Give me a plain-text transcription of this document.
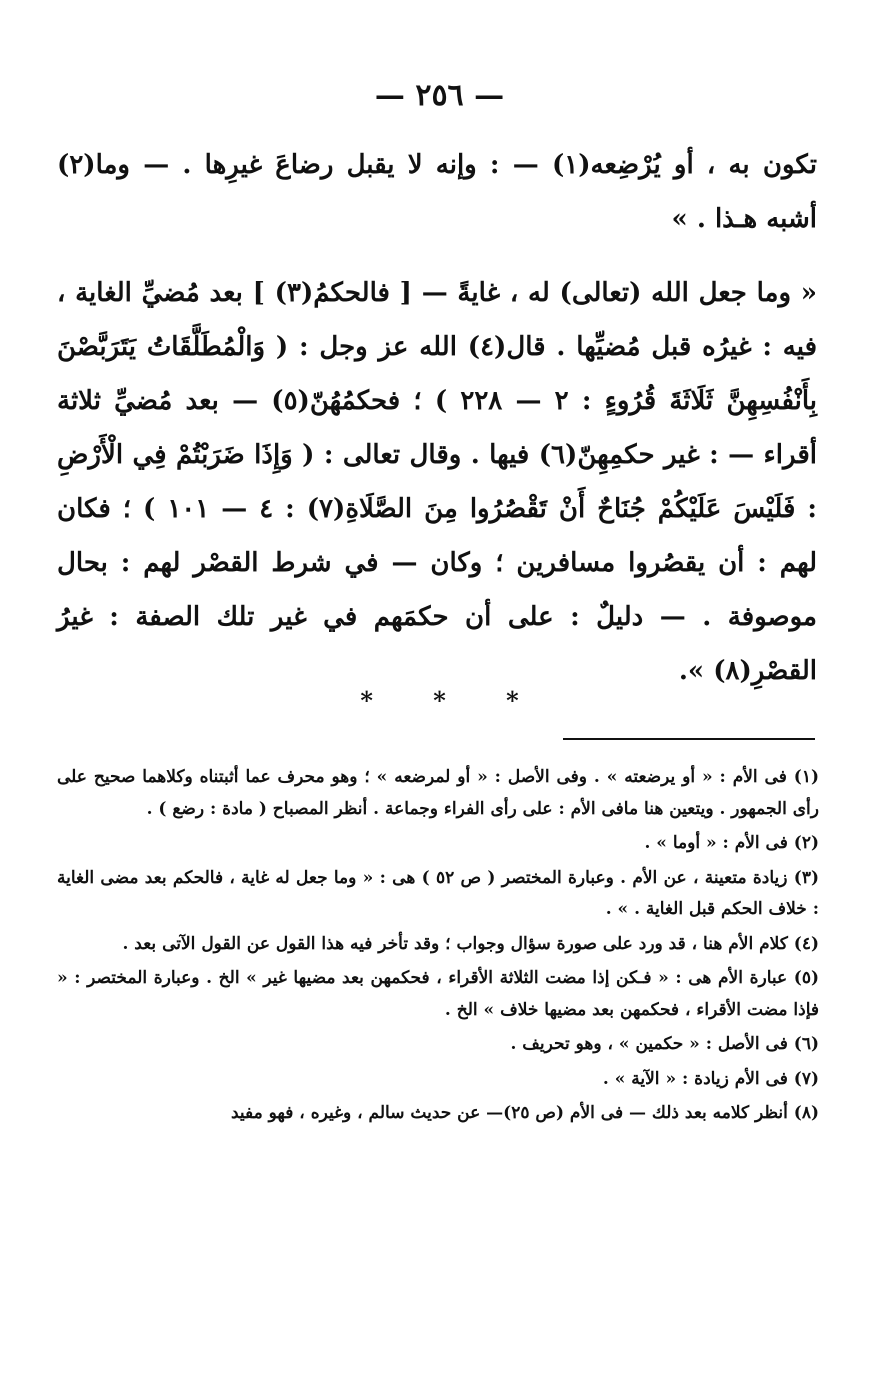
— ٢٥٦ —

تكون به ، أو يُرْضِعه(١) — : وإنه لا يقبل رضاعَ غيرِها . — وما(٢) أشبه هـذا . »

« وما جعل الله (تعالى) له ، غايةً — [ فالحكمُ(٣) ] بعد مُضيِّ الغاية ، فيه : غيرُه قبل مُضيِّها . قال(٤) الله عز وجل : ( وَالْمُطَلَّقَاتُ يَتَرَبَّصْنَ بِأَنْفُسِهِنَّ ثَلَاثَةَ قُرُوءٍ : ٢ — ٢٢٨ ) ؛ فحكمُهُنّ(٥) — بعد مُضيِّ ثلاثة أقراء — : غير حكمِهِنّ(٦) فيها . وقال تعالى : ( وَإِذَا ضَرَبْتُمْ فِي الْأَرْضِ : فَلَيْسَ عَلَيْكُمْ جُنَاحٌ أَنْ تَقْصُرُوا مِنَ الصَّلَاةِ(٧) : ٤ — ١٠١ ) ؛ فكان لهم : أن يقصُروا مسافرين ؛ وكان — في شرط القصْر لهم : بحال موصوفة . — دليلٌ : على أن حكمَهم في غير تلك الصفة : غيرُ القصْرِ(٨) ».

* * *

(١) فى الأم : « أو يرضعته » . وفى الأصل : « أو لمرضعه » ؛ وهو محرف عما أثبتناه وكلاهما صحيح على رأى الجمهور . ويتعين هنا مافى الأم : على رأى الفراء وجماعة . أنظر المصباح ( مادة : رضع ) .

(٢) فى الأم : « أوما » .

(٣) زيادة متعينة ، عن الأم . وعبارة المختصر ( ص ٥٢ ) هى : « وما جعل له غاية ، فالحكم بعد مضى الغاية : خلاف الحكم قبل الغاية . » .

(٤) كلام الأم هنا ، قد ورد على صورة سؤال وجواب ؛ وقد تأخر فيه هذا القول عن القول الآتى بعد .

(٥) عبارة الأم هى : « فـكن إذا مضت الثلاثة الأقراء ، فحكمهن بعد مضيها غير » الخ . وعبارة المختصر : « فإذا مضت الأقراء ، فحكمهن بعد مضيها خلاف » الخ .

(٦) فى الأصل : « حكمين » ، وهو تحريف .

(٧) فى الأم زيادة : « الآية » .

(٨) أنظر كلامه بعد ذلك — فى الأم (ص ٢٥)— عن حديث سالم ، وغيره ، فهو مفيد
